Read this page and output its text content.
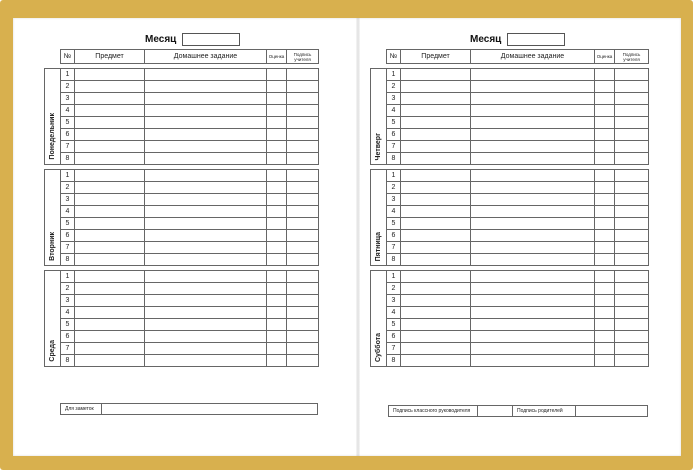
Месяц
	№	Предмет	Домашнее задание	Оценка	Подпись учителя

Понедельник	1				
	2				
	3				
	4				
	5				
	6				
	7				
	8				

Вторник	1				
	2				
	3				
	4				
	5				
	6				
	7				
	8				

Среда	1				
	2				
	3				
	4				
	5				
	6				
	7				
	8				
Для заметок
Месяц
	№	Предмет	Домашнее задание	Оценка	Подпись учителя

Четверг	1				
	2				
	3				
	4				
	5				
	6				
	7				
	8				

Пятница	1				
	2				
	3				
	4				
	5				
	6				
	7				
	8				

Суббота	1				
	2				
	3				
	4				
	5				
	6				
	7				
	8				
Подпись классного руководителя	Подпись родителей
